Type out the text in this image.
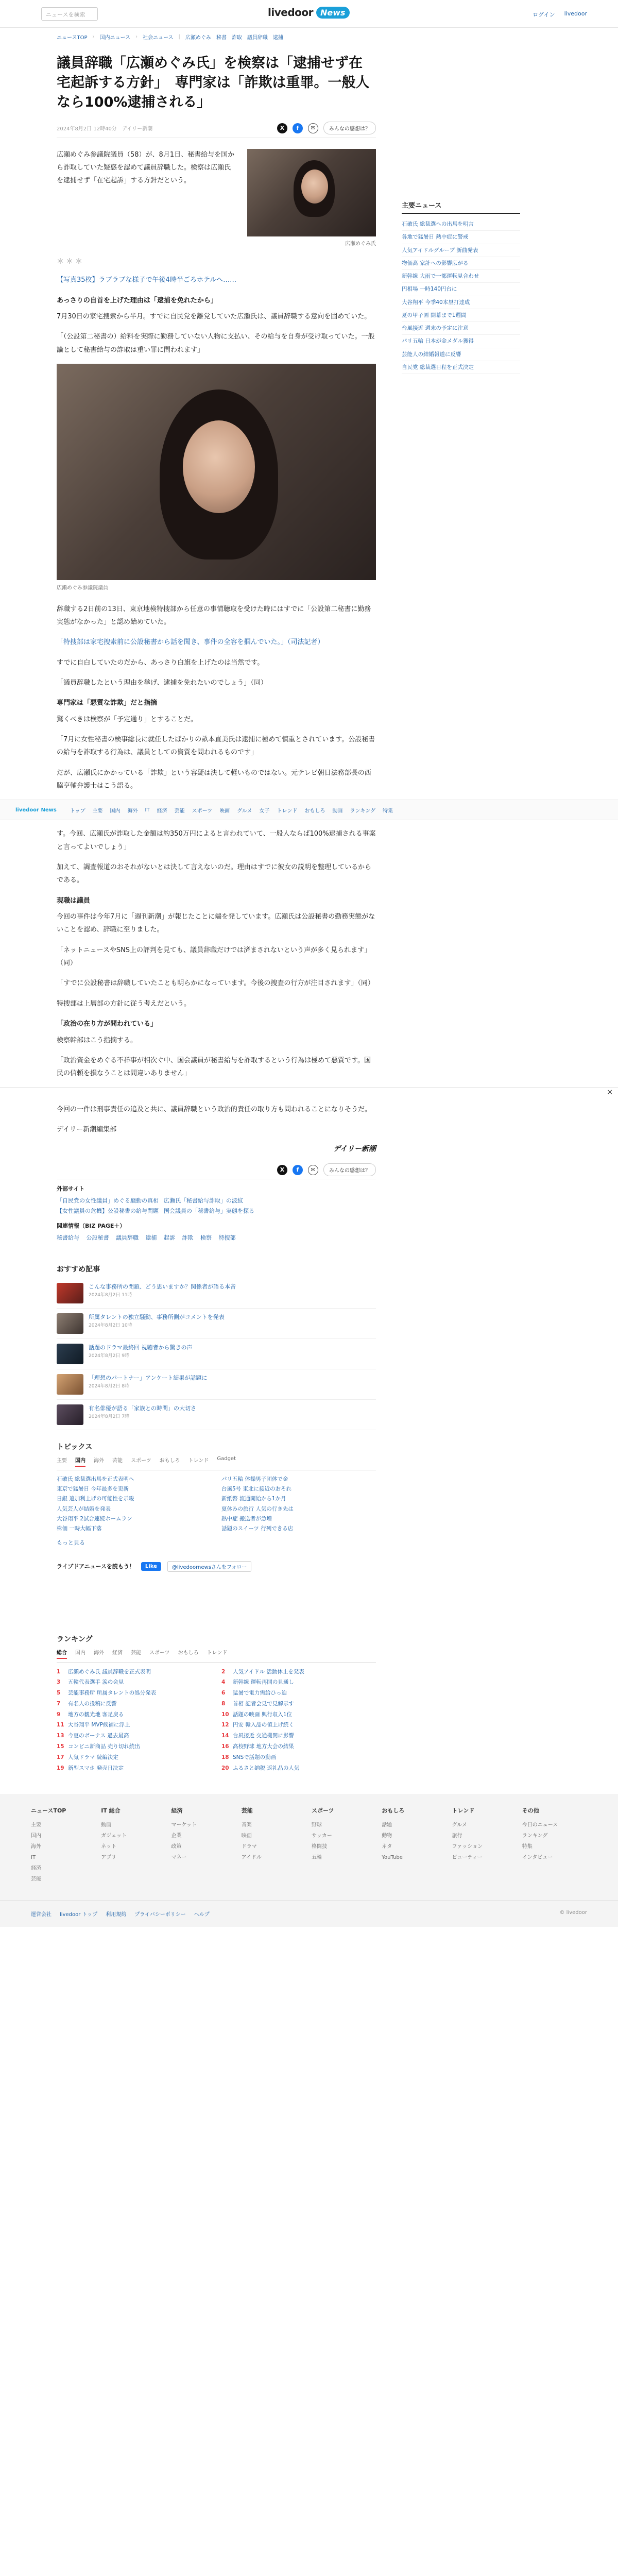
ニュースを検索	livedoor News	ログイン livedoor
ニュースTOP › 国内ニュース › 社会ニュース | 広瀬めぐみ 秘書 詐取 議員辞職 逮捕
議員辞職「広瀬めぐみ氏」を検察は「逮捕せず在宅起訴する方針」　専門家は「詐欺は重罪。一般人なら100%逮捕される」
2024年8月2日 12時40分　デイリー新潮	X	f	✉	みんなの感想は？

広瀬めぐみ参議院議員（58）が、8月1日、秘書給与を国から詐取していた疑惑を認めて議員辞職した。検察は広瀬氏を逮捕せず「在宅起訴」する方針だという。

広瀬めぐみ氏
＊＊＊

【写真35枚】ラブラブな様子で午後4時半ごろホテルへ……

あっさりの自首を上げた理由は「逮捕を免れたから」

7月30日の家宅捜索から半月。すでに自民党を離党していた広瀬氏は、議員辞職する意向を固めていた。

「（公設第二秘書の）給料を実際に勤務していない人物に支払い、その給与を自身が受け取っていた。一般論として秘書給与の詐取は重い罪に問われます」

広瀬めぐみ参議院議員

辞職する2日前の13日、東京地検特捜部から任意の事情聴取を受けた時にはすでに「公設第二秘書に勤務実態がなかった」と認め始めていた。

「特捜部は家宅捜索前に公設秘書から話を聞き、事件の全容を掴んでいた。」（司法記者）

すでに自白していたのだから、あっさり白旗を上げたのは当然です。

「議員辞職したという理由を挙げ、逮捕を免れたいのでしょう」（同）

専門家は「悪質な詐欺」だと指摘

驚くべきは検察が「予定通り」とすることだ。

「7月に女性秘書の検事総長に就任したばかりの畝本直美氏は逮捕に極めて慎重とされています。公設秘書の給与を詐取する行為は、議員としての資質を問われるものです」

だが、広瀬氏にかかっている「詐欺」という容疑は決して軽いものではない。元テレビ朝日法務部長の西脇亨輔弁護士はこう語る。

主要ニュース
石破氏 総裁選への出馬を明言
各地で猛暑日 熱中症に警戒
人気アイドルグループ 新曲発表
物価高 家計への影響広がる
新幹線 大雨で一部運転見合わせ
円相場 一時140円台に
大谷翔平 今季40本塁打達成
夏の甲子園 開幕まで1週間
台風接近 週末の予定に注意
パリ五輪 日本が金メダル獲得
芸能人の結婚報道に反響
自民党 総裁選日程を正式決定
livedoor News	トップ 主要 国内 海外 IT 経済 芸能 スポーツ 映画 グルメ 女子 トレンド おもしろ 動画 ランキング 特集

す。今回、広瀬氏が詐取した金額は約350万円によると言われていて、一般人ならば100%逮捕される事案と言ってよいでしょう」

加えて、調査報道のおそれがないとは決して言えないのだ。理由はすでに彼女の説明を整理しているからである。

現職は議員

今回の事件は今年7月に「週刊新潮」が報じたことに端を発しています。広瀬氏は公設秘書の勤務実態がないことを認め、辞職に至りました。

「ネットニュースやSNS上の評判を見ても、議員辞職だけでは済まされないという声が多く見られます」（同）

「すでに公設秘書は辞職していたことも明らかになっています。今後の捜査の行方が注目されます」（同）

特捜部は上層部の方針に従う考えだという。

「政治の在り方が問われている」

検察幹部はこう指摘する。

「政治資金をめぐる不祥事が相次ぐ中、国会議員が秘書給与を詐取するという行為は極めて悪質です。国民の信頼を損なうことは間違いありません」

×

今回の一件は刑事責任の追及と共に、議員辞職という政治的責任の取り方も問われることになりそうだ。

デイリー新潮編集部

デイリー新潮
X	f	✉	みんなの感想は？
外部サイト
「自民党の女性議員」めぐる騒動の真相 広瀬氏「秘書給与詐取」の波紋
【女性議員の危機】公設秘書の給与問題 国会議員の「秘書給与」実態を探る
関連情報（BIZ PAGE＋）
秘書給与 公設秘書 議員辞職 逮捕 起訴 詐欺 検察 特捜部
おすすめ記事
こんな事務所の閉鎖、どう思いますか？関係者が語る本音
2024年8月2日 11時
所属タレントの独立騒動、事務所側がコメントを発表
2024年8月2日 10時
話題のドラマ最終回 視聴者から驚きの声
2024年8月2日 9時
「理想のパートナー」アンケート結果が話題に
2024年8月2日 8時
有名俳優が語る「家族との時間」の大切さ
2024年8月2日 7時
トピックス
主要 国内 海外 芸能 スポーツ おもしろ トレンド Gadget
石破氏 総裁選出馬を正式表明へ	パリ五輪 体操男子団体で金
東京で猛暑日 今年最多を更新	台風5号 東北に接近のおそれ
日銀 追加利上げの可能性を示唆	新紙幣 流通開始から1か月
人気芸人が結婚を発表	夏休みの旅行 人気の行き先は
大谷翔平 2試合連続ホームラン	熱中症 搬送者が急増
株価 一時大幅下落	話題のスイーツ 行列できる店
もっと見る
ライブドアニュースを読もう！	Like	@livedoornewsさんをフォロー
ランキング
総合 国内 海外 経済 芸能 スポーツ おもしろ トレンド
1	広瀬めぐみ氏 議員辞職を正式表明	2	人気アイドル 活動休止を発表
3	五輪代表選手 涙の会見	4	新幹線 運転再開の見通し
5	芸能事務所 所属タレントの処分発表	6	猛暑で電力需給ひっ迫
7	有名人の投稿に反響	8	首相 記者会見で見解示す
9	地方の観光地 客足戻る	10 話題の映画 興行収入1位
11 大谷翔平 MVP候補に浮上	12 円安 輸入品の値上げ続く
13 今夏のボーナス 過去最高	14 台風接近 交通機関に影響
15 コンビニ新商品 売り切れ続出	16 高校野球 地方大会の結果
17 人気ドラマ 続編決定	18 SNSで話題の動画
19 新型スマホ 発売日決定	20 ふるさと納税 返礼品の人気
ニュースTOP
主要
国内
海外
IT
経済
芸能
IT 総合
動画
ガジェット
ネット
アプリ
経済
マーケット
企業
政策
マネー
芸能
音楽
映画
ドラマ
アイドル
スポーツ
野球
サッカー
格闘技
五輪
おもしろ
話題
動物
ネタ
YouTube
トレンド
グルメ
旅行
ファッション
ビューティー
その他
今日のニュース
ランキング
特集
インタビュー
運営会社 livedoor トップ 利用規約 プライバシーポリシー ヘルプ	© livedoor
